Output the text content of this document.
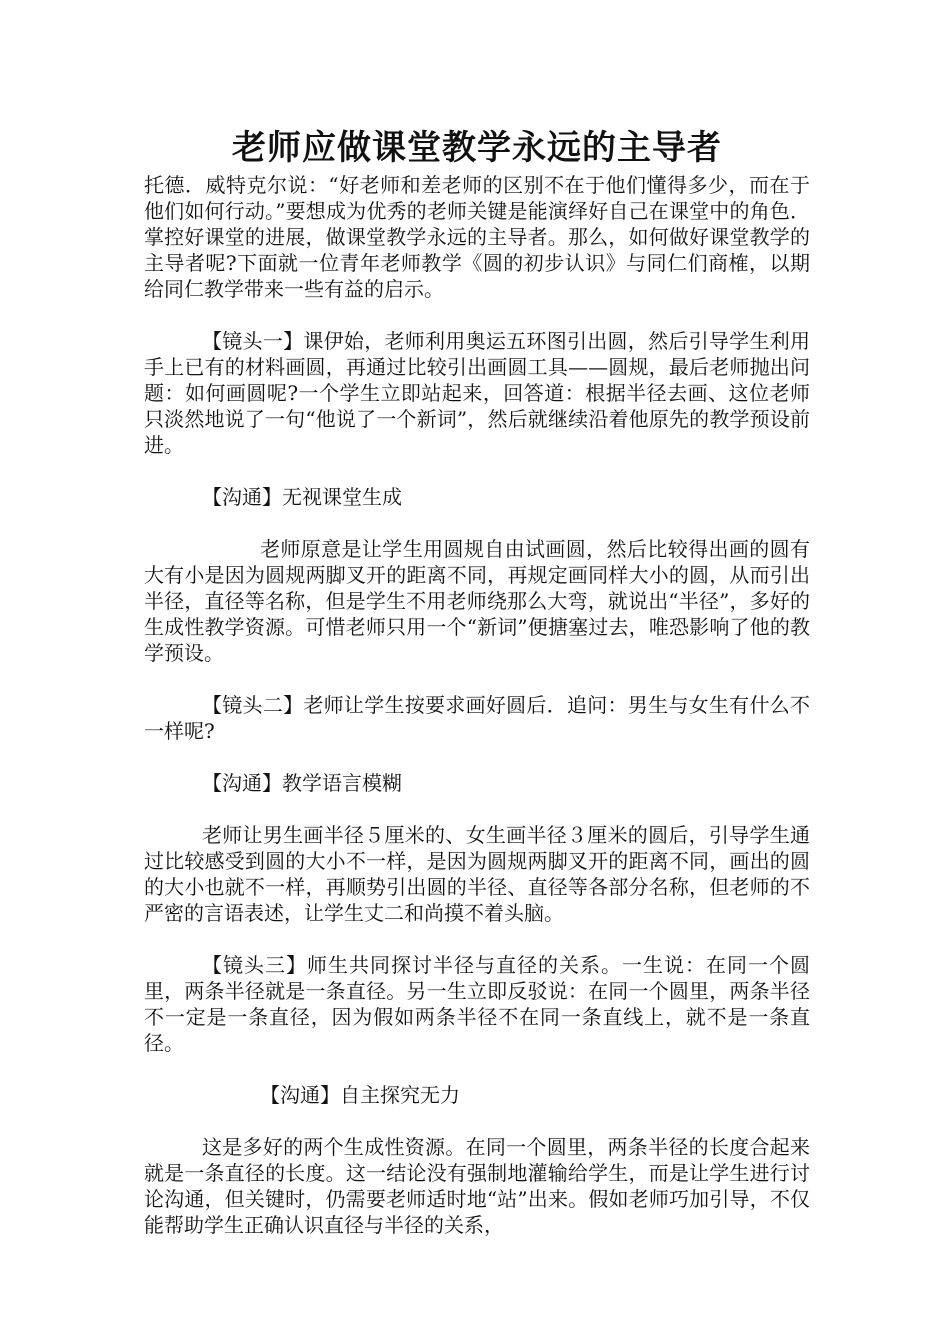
老师应做课堂教学永远的主导者

托德．威特克尔说：“好老师和差老师的区别不在于他们懂得多少，而在于他们如何行动。”要想成为优秀的老师关键是能演绎好自己在课堂中的角色．掌控好课堂的进展，做课堂教学永远的主导者。那么，如何做好课堂教学的主导者呢?下面就一位青年老师教学《圆的初步认识》与同仁们商榷，以期给同仁教学带来一些有益的启示。

【镜头一】课伊始，老师利用奥运五环图引出圆，然后引导学生利用手上已有的材料画圆，再通过比较引出画圆工具——圆规，最后老师抛出问题：如何画圆呢?一个学生立即站起来，回答道：根据半径去画、这位老师只淡然地说了一句“他说了一个新词”，然后就继续沿着他原先的教学预设前进。

【沟通】无视课堂生成

老师原意是让学生用圆规自由试画圆，然后比较得出画的圆有大有小是因为圆规两脚叉开的距离不同，再规定画同样大小的圆，从而引出半径，直径等名称，但是学生不用老师绕那么大弯，就说出“半径”，多好的生成性教学资源。可惜老师只用一个“新词”便搪塞过去，唯恐影响了他的教学预设。

【镜头二】老师让学生按要求画好圆后．追问：男生与女生有什么不一样呢?

【沟通】教学语言模糊

老师让男生画半径５厘米的、女生画半径３厘米的圆后，引导学生通过比较感受到圆的大小不一样，是因为圆规两脚叉开的距离不同，画出的圆的大小也就不一样，再顺势引出圆的半径、直径等各部分名称，但老师的不严密的言语表述，让学生丈二和尚摸不着头脑。

【镜头三】师生共同探讨半径与直径的关系。一生说：在同一个圆里，两条半径就是一条直径。另一生立即反驳说：在同一个圆里，两条半径不一定是一条直径，因为假如两条半径不在同一条直线上，就不是一条直径。

【沟通】自主探究无力

这是多好的两个生成性资源。在同一个圆里，两条半径的长度合起来就是一条直径的长度。这一结论没有强制地灌输给学生，而是让学生进行讨论沟通，但关键时，仍需要老师适时地“站”出来。假如老师巧加引导，不仅能帮助学生正确认识直径与半径的关系，
